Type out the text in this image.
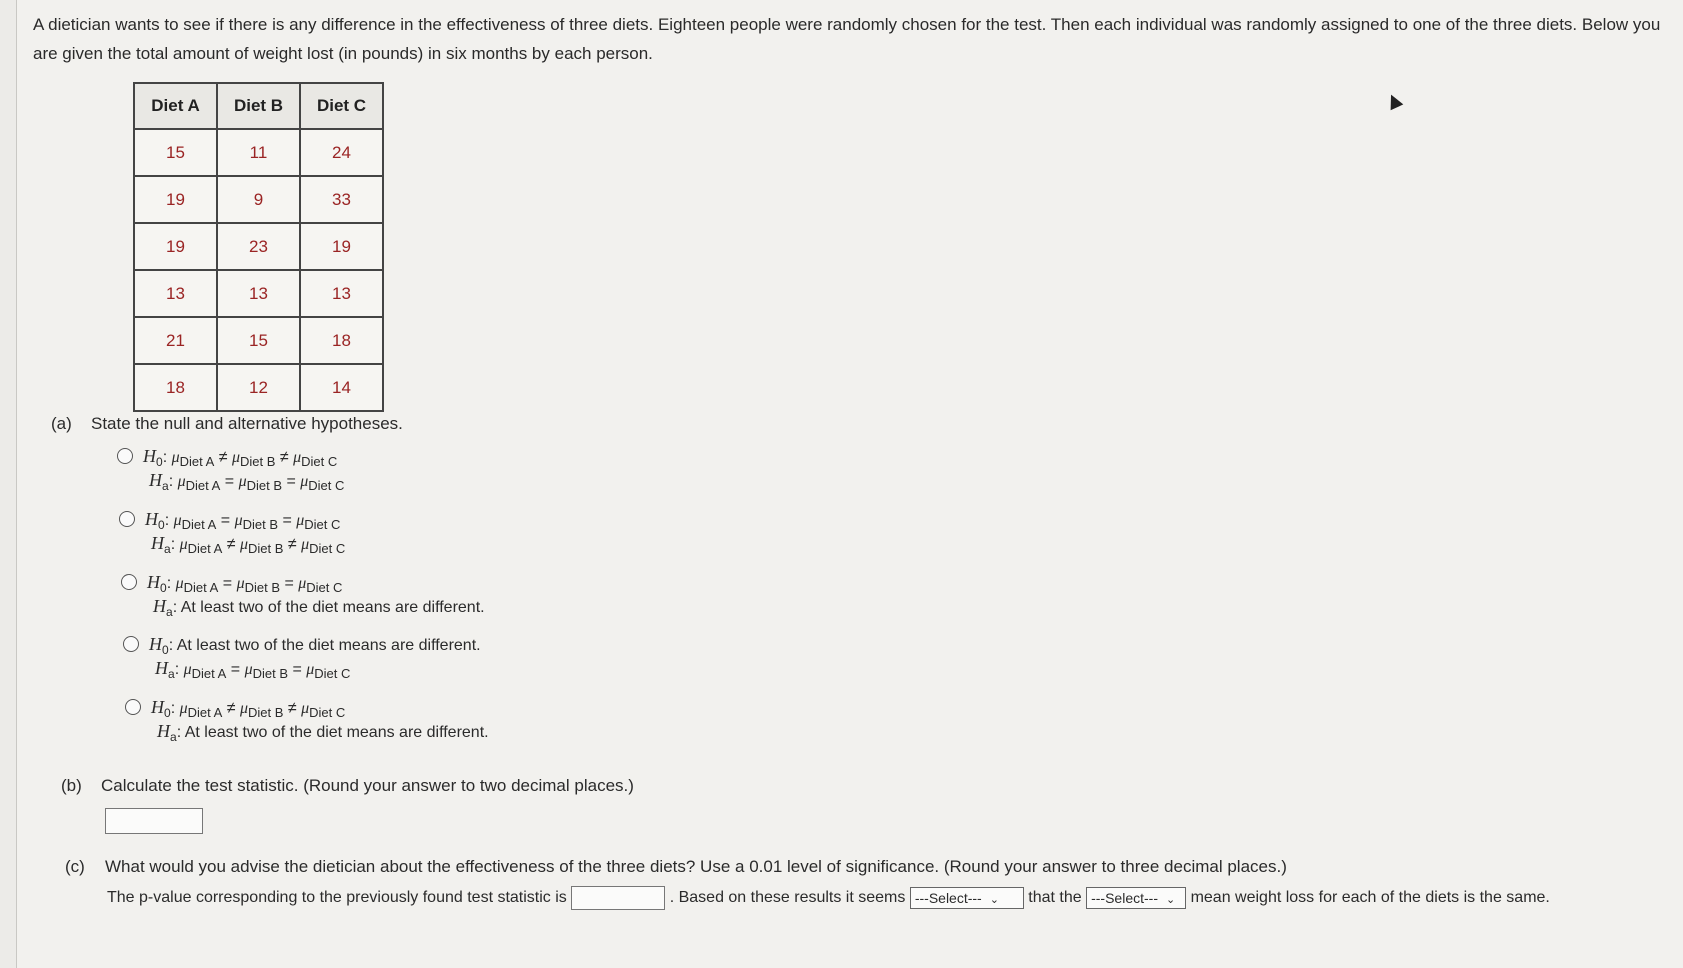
A dietician wants to see if there is any difference in the effectiveness of three diets. Eighteen people were randomly chosen for the test. Then each individual was randomly assigned to one of the three diets. Below you are given the total amount of weight lost (in pounds) in six months by each person.
Diet A	Diet B	Diet C
15	11	24
19	9	33
19	23	19
13	13	13
21	15	18
18	12	14
(a) State the null and alternative hypotheses.
$H_0$: $\mu_{Diet A} \ne \mu_{Diet B} \ne \mu_{Diet C}$
$H_a$: $\mu_{Diet A} = \mu_{Diet B} = \mu_{Diet C}$
$H_0$: $\mu_{Diet A} = \mu_{Diet B} = \mu_{Diet C}$
$H_a$: $\mu_{Diet A} \ne \mu_{Diet B} \ne \mu_{Diet C}$
$H_0$: $\mu_{Diet A} = \mu_{Diet B} = \mu_{Diet C}$
$H_a$: At least two of the diet means are different.
$H_0$: At least two of the diet means are different.
$H_a$: $\mu_{Diet A} = \mu_{Diet B} = \mu_{Diet C}$
$H_0$: $\mu_{Diet A} \ne \mu_{Diet B} \ne \mu_{Diet C}$
$H_a$: At least two of the diet means are different.
(b) Calculate the test statistic. (Round your answer to two decimal places.)
(c) What would you advise the dietician about the effectiveness of the three diets? Use a 0.01 level of significance. (Round your answer to three decimal places.)
The p-value corresponding to the previously found test statistic is	. Based on these results it seems ---Select--- ⌄ that the ---Select--- ⌄ mean weight loss for each of the diets is the same.
